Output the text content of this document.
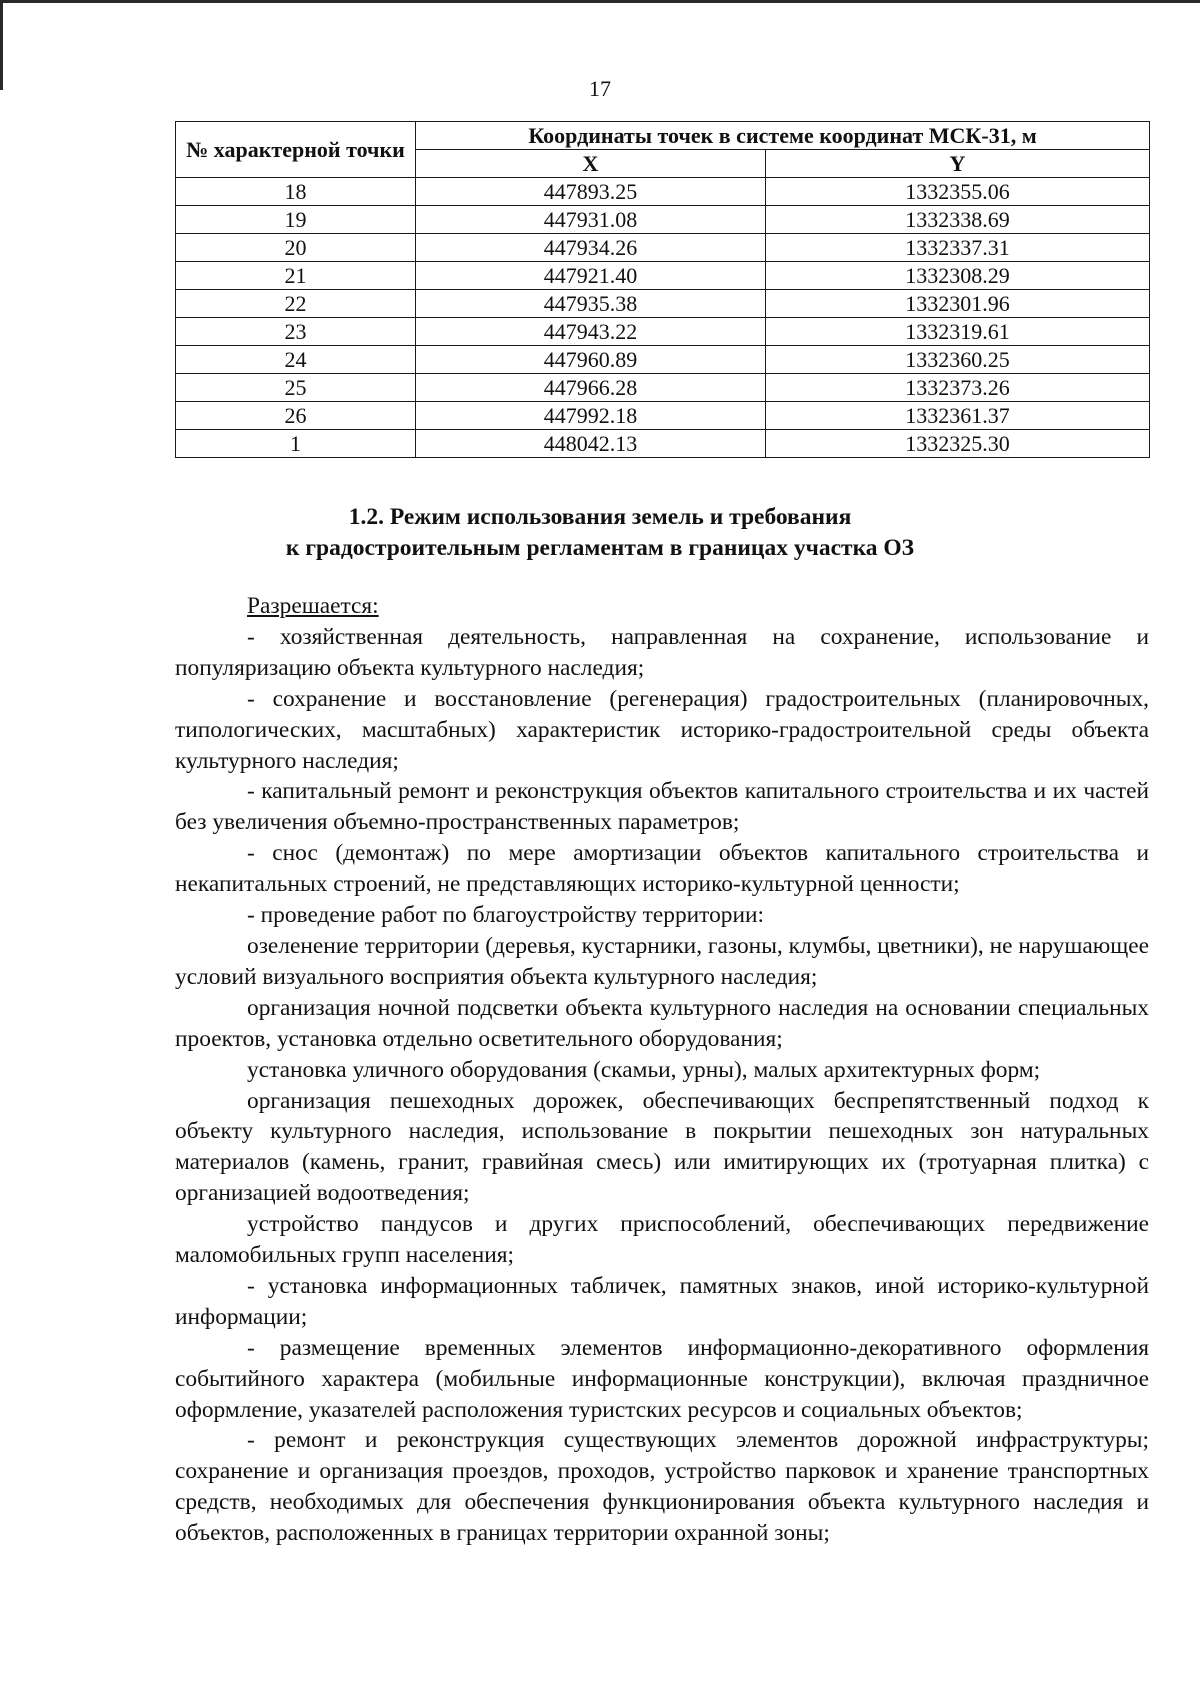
17
№ характерной точки	Координаты точек в системе координат МСК-31, м	
	X	Y
18	447893.25	1332355.06
19	447931.08	1332338.69
20	447934.26	1332337.31
21	447921.40	1332308.29
22	447935.38	1332301.96
23	447943.22	1332319.61
24	447960.89	1332360.25
25	447966.28	1332373.26
26	447992.18	1332361.37
1	448042.13	1332325.30
1.2. Режим использования земель и требования
к градостроительным регламентам в границах участка ОЗ

Разрешается:

- хозяйственная деятельность, направленная на сохранение, использование и популяризацию объекта культурного наследия;

- сохранение и восстановление (регенерация) градостроительных (планировочных, типологических, масштабных) характеристик историко-градостроительной среды объекта культурного наследия;

- капитальный ремонт и реконструкция объектов капитального строительства и их частей без увеличения объемно-пространственных параметров;

- снос (демонтаж) по мере амортизации объектов капитального строительства и некапитальных строений, не представляющих историко-культурной ценности;

- проведение работ по благоустройству территории:

озеленение территории (деревья, кустарники, газоны, клумбы, цветники), не нарушающее условий визуального восприятия объекта культурного наследия;

организация ночной подсветки объекта культурного наследия на основании специальных проектов, установка отдельно осветительного оборудования;

установка уличного оборудования (скамьи, урны), малых архитектурных форм;

организация пешеходных дорожек, обеспечивающих беспрепятственный подход к объекту культурного наследия, использование в покрытии пешеходных зон натуральных материалов (камень, гранит, гравийная смесь) или имитирующих их (тротуарная плитка) с организацией водоотведения;

устройство пандусов и других приспособлений, обеспечивающих передвижение маломобильных групп населения;

- установка информационных табличек, памятных знаков, иной историко-культурной информации;

- размещение временных элементов информационно-декоративного оформления событийного характера (мобильные информационные конструкции), включая праздничное оформление, указателей расположения туристских ресурсов и социальных объектов;

- ремонт и реконструкция существующих элементов дорожной инфраструктуры; сохранение и организация проездов, проходов, устройство парковок и хранение транспортных средств, необходимых для обеспечения функционирования объекта культурного наследия и объектов, расположенных в границах территории охранной зоны;
